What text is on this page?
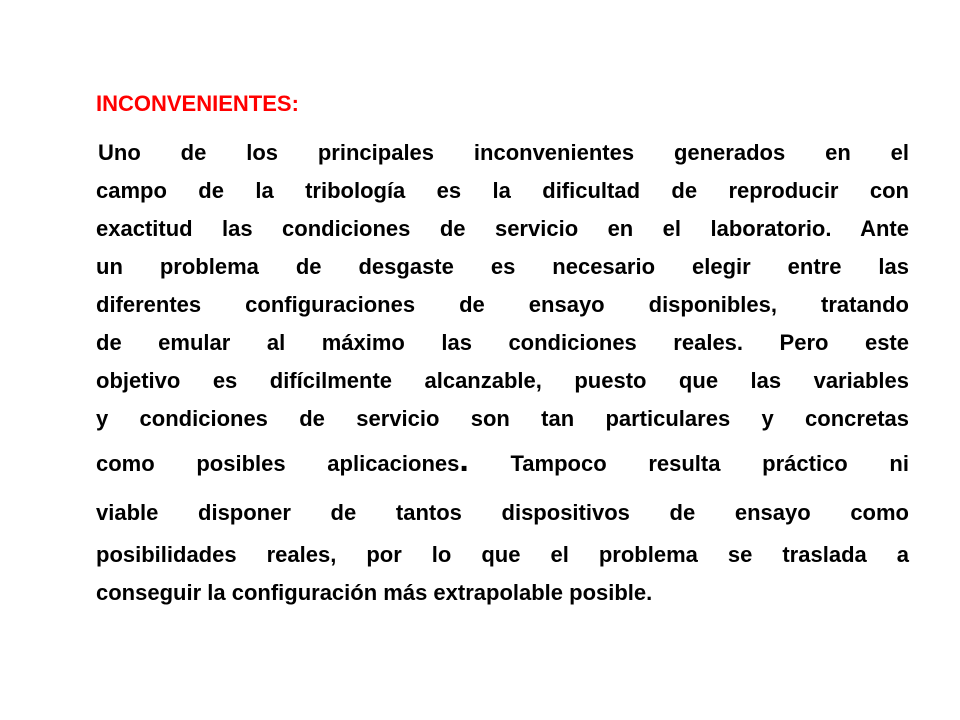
INCONVENIENTES:
Uno de los principales inconvenientes generados en el
campo de la tribología es la dificultad de reproducir con
exactitud las condiciones de servicio en el laboratorio. Ante
un problema de desgaste es necesario elegir entre las
diferentes configuraciones de ensayo disponibles, tratando
de emular al máximo las condiciones reales. Pero este
objetivo es difícilmente alcanzable, puesto que las variables
y condiciones de servicio son tan particulares y concretas
como posibles aplicaciones. Tampoco resulta práctico ni
viable disponer de tantos dispositivos de ensayo como
posibilidades reales, por lo que el problema se traslada a
conseguir la configuración más extrapolable posible.
